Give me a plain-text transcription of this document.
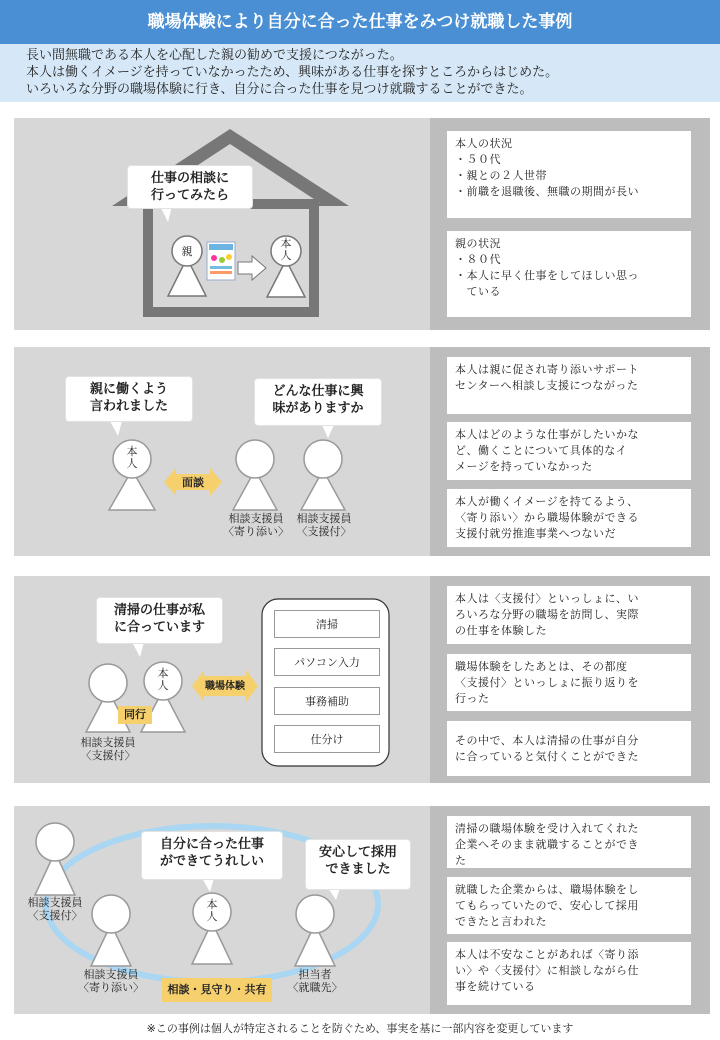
職場体験により自分に合った仕事をみつけ就職した事例
長い間無職である本人を心配した親の勧めで支援につながった。
本人は働くイメージを持っていなかったため、興味がある仕事を探すところからはじめた。
いろいろな分野の職場体験に行き、自分に合った仕事を見つけ就職することができた。
仕事の相談に
行ってみたら
親
本人
本人の状況
・５０代
・親との２人世帯
・前職を退職後、無職の期間が長い
親の状況
・８０代
・本人に早く仕事をしてほしい思っ
　ている
親に働くよう
言われました
どんな仕事に興
味がありますか
本人
面談
相談支援員
〈寄り添い〉
相談支援員
〈支援付〉
本人は親に促され寄り添いサポート
センターへ相談し支援につながった
本人はどのような仕事がしたいかな
ど、働くことについて具体的なイ
メージを持っていなかった
本人が働くイメージを持てるよう、
〈寄り添い〉から職場体験ができる
支援付就労推進事業へつないだ
清掃の仕事が私
に合っています
本人
同行
職場体験
相談支援員
〈支援付〉
清掃
パソコン入力
事務補助
仕分け
本人は〈支援付〉といっしょに、い
ろいろな分野の職場を訪問し、実際
の仕事を体験した
職場体験をしたあとは、その都度
〈支援付〉といっしょに振り返りを
行った
その中で、本人は清掃の仕事が自分
に合っていると気付くことができた
自分に合った仕事
ができてうれしい
安心して採用
できました
本人
相談支援員
〈支援付〉
相談支援員
〈寄り添い〉
担当者
〈就職先〉
相談・見守り・共有
清掃の職場体験を受け入れてくれた
企業へそのまま就職することができ
た
就職した企業からは、職場体験をし
てもらっていたので、安心して採用
できたと言われた
本人は不安なことがあれば〈寄り添
い〉や〈支援付〉に相談しながら仕
事を続けている
※この事例は個人が特定されることを防ぐため、事実を基に一部内容を変更しています
